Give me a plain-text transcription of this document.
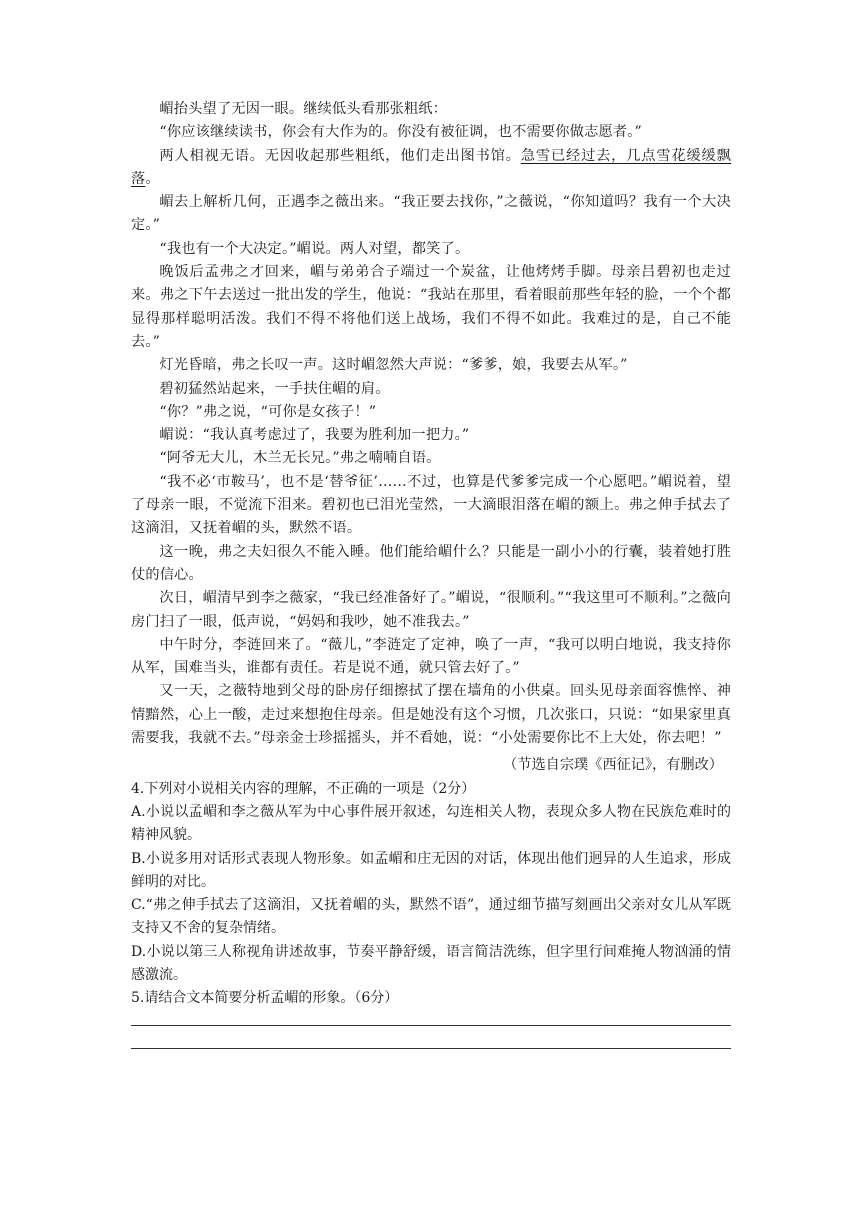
嵋抬头望了无因一眼。继续低头看那张粗纸：

“你应该继续读书，你会有大作为的。你没有被征调，也不需要你做志愿者。”

两人相视无语。无因收起那些粗纸，他们走出图书馆。急雪已经过去，几点雪花缓缓飘落。

嵋去上解析几何，正遇李之薇出来。“我正要去找你，”之薇说，“你知道吗？我有一个大决定。”

“我也有一个大决定。”嵋说。两人对望，都笑了。

晚饭后孟弗之才回来，嵋与弟弟合子端过一个炭盆，让他烤烤手脚。母亲吕碧初也走过来。弗之下午去送过一批出发的学生，他说：“我站在那里，看着眼前那些年轻的脸，一个个都显得那样聪明活泼。我们不得不将他们送上战场，我们不得不如此。我难过的是，自己不能去。”

灯光昏暗，弗之长叹一声。这时嵋忽然大声说：“爹爹，娘，我要去从军。”

碧初猛然站起来，一手扶住嵋的肩。

“你？”弗之说，“可你是女孩子！”

嵋说：“我认真考虑过了，我要为胜利加一把力。”

“阿爷无大儿，木兰无长兄。”弗之喃喃自语。

“我不必‘市鞍马’，也不是‘替爷征’……不过，也算是代爹爹完成一个心愿吧。”嵋说着，望了母亲一眼，不觉流下泪来。碧初也已泪光莹然，一大滴眼泪落在嵋的额上。弗之伸手拭去了这滴泪，又抚着嵋的头，默然不语。

这一晚，弗之夫妇很久不能入睡。他们能给嵋什么？只能是一副小小的行囊，装着她打胜仗的信心。

次日，嵋清早到李之薇家，“我已经准备好了。”嵋说，“很顺利。”“我这里可不顺利。”之薇向房门扫了一眼，低声说，“妈妈和我吵，她不准我去。”

中午时分，李涟回来了。“薇儿，”李涟定了定神，唤了一声，“我可以明白地说，我支持你从军，国难当头，谁都有责任。若是说不通，就只管去好了。”

又一天，之薇特地到父母的卧房仔细擦拭了摆在墙角的小供桌。回头见母亲面容憔悴、神情黯然，心上一酸，走过来想抱住母亲。但是她没有这个习惯，几次张口，只说：“如果家里真需要我，我就不去。”母亲金士珍摇摇头，并不看她，说：“小处需要你比不上大处，你去吧！”

（节选自宗璞《西征记》，有删改）

4.下列对小说相关内容的理解，不正确的一项是（2分）

A.小说以孟嵋和李之薇从军为中心事件展开叙述，勾连相关人物，表现众多人物在民族危难时的精神风貌。

B.小说多用对话形式表现人物形象。如孟嵋和庄无因的对话，体现出他们迥异的人生追求，形成鲜明的对比。

C.“弗之伸手拭去了这滴泪，又抚着嵋的头，默然不语”，通过细节描写刻画出父亲对女儿从军既支持又不舍的复杂情绪。

D.小说以第三人称视角讲述故事，节奏平静舒缓，语言简洁洗练，但字里行间难掩人物汹涌的情感激流。

5.请结合文本简要分析孟嵋的形象。（6分）
